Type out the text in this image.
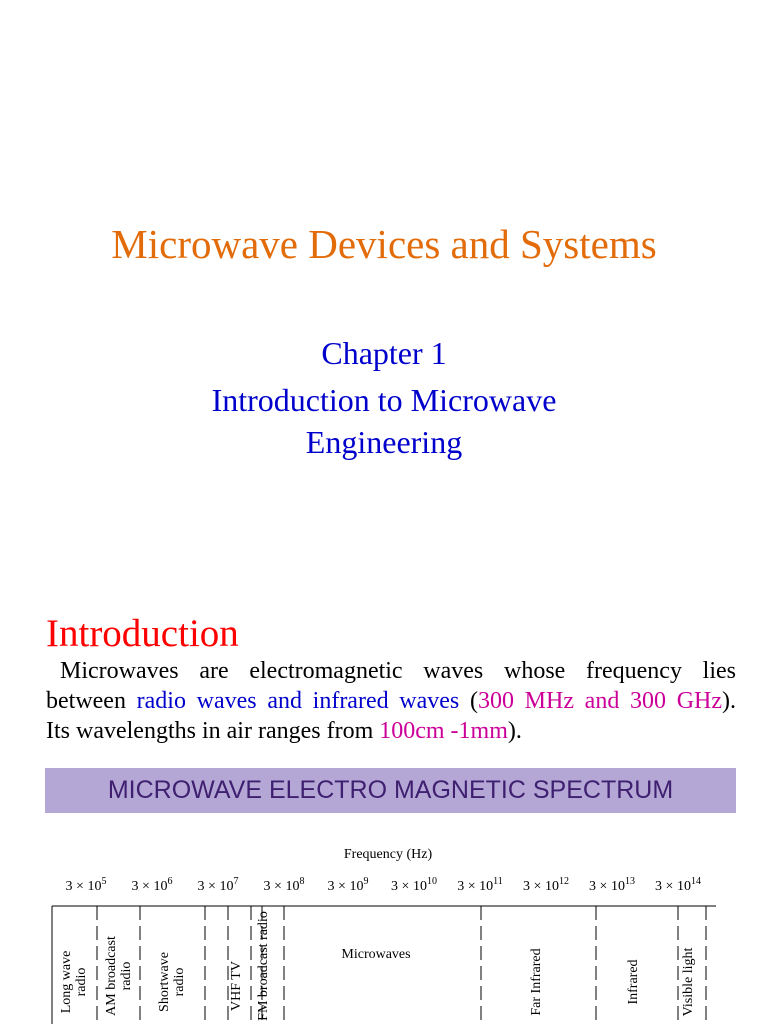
Microwave Devices and Systems
Chapter 1
Introduction to Microwave
Engineering
Introduction
Microwaves are electromagnetic waves whose frequency lies
between radio waves and infrared waves (300 MHz and 300 GHz).
Its wavelengths in air ranges from 100cm -1mm).
MICROWAVE ELECTRO MAGNETIC SPECTRUM
Frequency (Hz)
$3 \times 10^5$ $3 \times 10^6$ $3 \times 10^7$ $3 \times 10^8$ $3 \times 10^9$ $3 \times 10^{10}$ $3 \times 10^{11}$ $3 \times 10^{12}$ $3 \times 10^{13}$ $3 \times 10^{14}$
Long waveradio AM broadcastradio Shortwaveradio	VHF TV FM broadcast radio	Microwaves	Far Infrared	Infrared	Visible light
